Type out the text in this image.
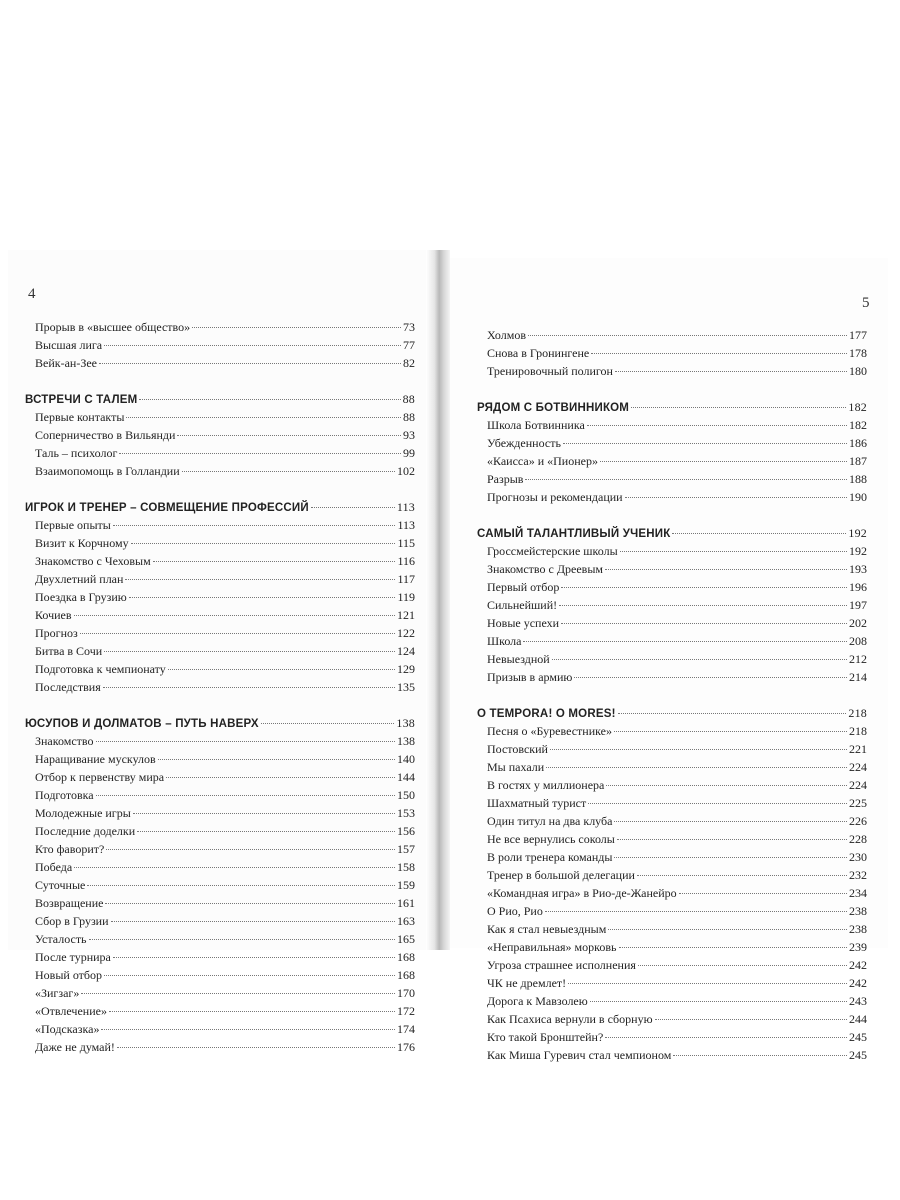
4
5
Прорыв в «высшее общество»	73
Высшая лига	77
Вейк-ан-Зее	82
ВСТРЕЧИ С ТАЛЕМ	88
Первые контакты	88
Соперничество в Вильянди	93
Таль – психолог	99
Взаимопомощь в Голландии	102
ИГРОК И ТРЕНЕР – СОВМЕЩЕНИЕ ПРОФЕССИЙ	113
Первые опыты	113
Визит к Корчному	115
Знакомство с Чеховым	116
Двухлетний план	117
Поездка в Грузию	119
Кочиев	121
Прогноз	122
Битва в Сочи	124
Подготовка к чемпионату	129
Последствия	135
ЮСУПОВ И ДОЛМАТОВ – ПУТЬ НАВЕРХ	138
Знакомство	138
Наращивание мускулов	140
Отбор к первенству мира	144
Подготовка	150
Молодежные игры	153
Последние доделки	156
Кто фаворит?	157
Победа	158
Суточные	159
Возвращение	161
Сбор в Грузии	163
Усталость	165
После турнира	168
Новый отбор	168
«Зигзаг»	170
«Отвлечение»	172
«Подсказка»	174
Даже не думай!	176
Холмов	177
Снова в Гронингене	178
Тренировочный полигон	180
РЯДОМ С БОТВИННИКОМ	182
Школа Ботвинника	182
Убежденность	186
«Каисса» и «Пионер»	187
Разрыв	188
Прогнозы и рекомендации	190
САМЫЙ ТАЛАНТЛИВЫЙ УЧЕНИК	192
Гроссмейстерские школы	192
Знакомство с Дреевым	193
Первый отбор	196
Сильнейший!	197
Новые успехи	202
Школа	208
Невыездной	212
Призыв в армию	214
O TEMPORA! O MORES!	218
Песня о «Буревестнике»	218
Постовский	221
Мы пахали	224
В гостях у миллионера	224
Шахматный турист	225
Один титул на два клуба	226
Не все вернулись соколы	228
В роли тренера команды	230
Тренер в большой делегации	232
«Командная игра» в Рио-де-Жанейро	234
О Рио, Рио	238
Как я стал невыездным	238
«Неправильная» морковь	239
Угроза страшнее исполнения	242
ЧК не дремлет!	242
Дорога к Мавзолею	243
Как Псахиса вернули в сборную	244
Кто такой Бронштейн?	245
Как Миша Гуревич стал чемпионом	245
